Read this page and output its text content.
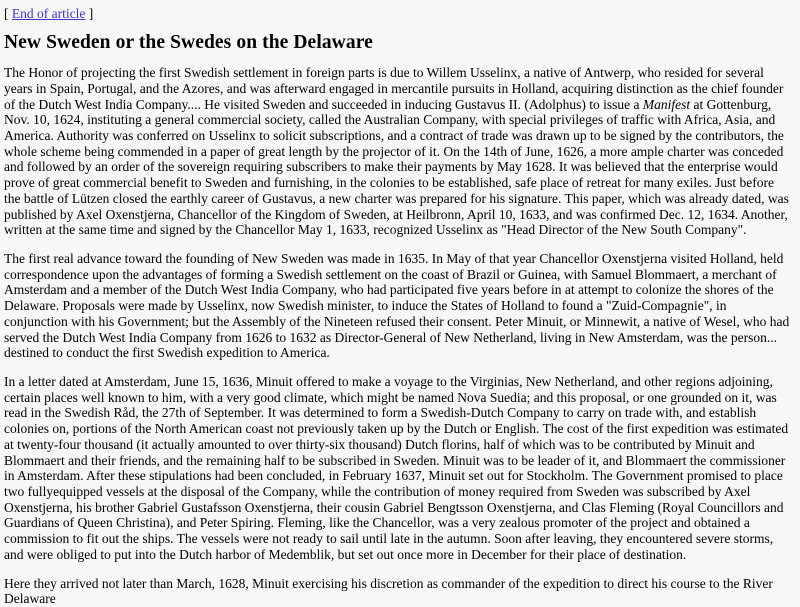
[ End of article ]
New Sweden or the Swedes on the Delaware

The Honor of projecting the first Swedish settlement in foreign parts is due to Willem Usselinx, a native of Antwerp, who resided for several years in Spain, Portugal, and the Azores, and was afterward engaged in mercantile pursuits in Holland, acquiring distinction as the chief founder of the Dutch West India Company.... He visited Sweden and succeeded in inducing Gustavus II. (Adolphus) to issue a Manifest at Gottenburg, Nov. 10, 1624, instituting a general commercial society, called the Australian Company, with special privileges of traffic with Africa, Asia, and America. Authority was conferred on Usselinx to solicit subscriptions, and a contract of trade was drawn up to be signed by the contributors, the whole scheme being commended in a paper of great length by the projector of it. On the 14th of June, 1626, a more ample charter was conceded and followed by an order of the sovereign requiring subscribers to make their payments by May 1628. It was believed that the enterprise would prove of great commercial benefit to Sweden and furnishing, in the colonies to be established, safe place of retreat for many exiles. Just before the battle of Lützen closed the earthly career of Gustavus, a new charter was prepared for his signature. This paper, which was already dated, was published by Axel Oxenstjerna, Chancellor of the Kingdom of Sweden, at Heilbronn, April 10, 1633, and was confirmed Dec. 12, 1634. Another, written at the same time and signed by the Chancellor May 1, 1633, recognized Usselinx as "Head Director of the New South Company".

The first real advance toward the founding of New Sweden was made in 1635. In May of that year Chancellor Oxenstjerna visited Holland, held correspondence upon the advantages of forming a Swedish settlement on the coast of Brazil or Guinea, with Samuel Blommaert, a merchant of Amsterdam and a member of the Dutch West India Company, who had participated five years before in at attempt to colonize the shores of the Delaware. Proposals were made by Usselinx, now Swedish minister, to induce the States of Holland to found a "Zuid-Compagnie", in conjunction with his Government; but the Assembly of the Nineteen refused their consent. Peter Minuit, or Minnewit, a native of Wesel, who had served the Dutch West India Company from 1626 to 1632 as Director-General of New Netherland, living in New Amsterdam, was the person... destined to conduct the first Swedish expedition to America.

In a letter dated at Amsterdam, June 15, 1636, Minuit offered to make a voyage to the Virginias, New Netherland, and other regions adjoining, certain places well known to him, with a very good climate, which might be named Nova Suedia; and this proposal, or one grounded on it, was read in the Swedish Råd, the 27th of September. It was determined to form a Swedish-Dutch Company to carry on trade with, and establish colonies on, portions of the North American coast not previously taken up by the Dutch or English. The cost of the first expedition was estimated at twenty-four thousand (it actually amounted to over thirty-six thousand) Dutch florins, half of which was to be contributed by Minuit and Blommaert and their friends, and the remaining half to be subscribed in Sweden. Minuit was to be leader of it, and Blommaert the commissioner in Amsterdam. After these stipulations had been concluded, in February 1637, Minuit set out for Stockholm. The Government promised to place two fullyequipped vessels at the disposal of the Company, while the contribution of money required from Sweden was subscribed by Axel Oxenstjerna, his brother Gabriel Gustafsson Oxenstjerna, their cousin Gabriel Bengtsson Oxenstjerna, and Clas Fleming (Royal Councillors and Guardians of Queen Christina), and Peter Spiring. Fleming, like the Chancellor, was a very zealous promoter of the project and obtained a commission to fit out the ships. The vessels were not ready to sail until late in the autumn. Soon after leaving, they encountered severe storms, and were obliged to put into the Dutch harbor of Medemblik, but set out once more in December for their place of destination.

Here they arrived not later than March, 1628, Minuit exercising his discretion as commander of the expedition to direct his course to the River Delaware
